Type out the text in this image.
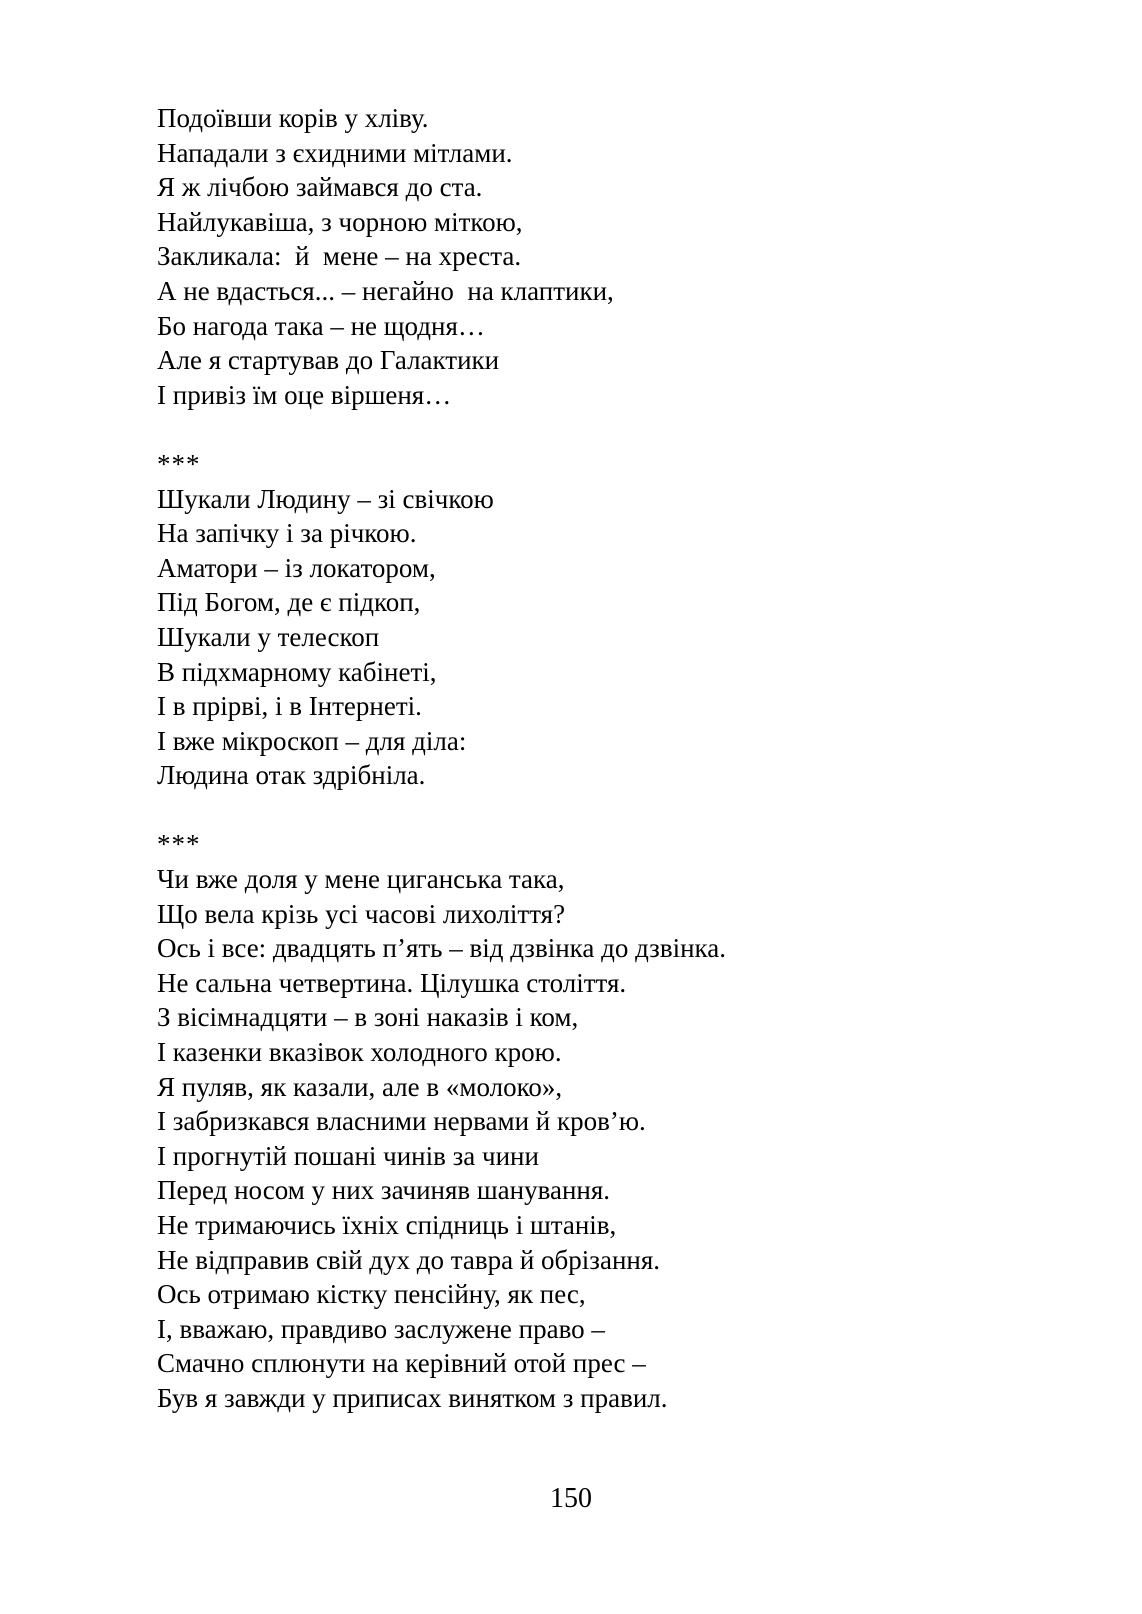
Подоївши корів у хліву.
Нападали з єхидними мітлами.
Я ж лічбою займався до ста.
Найлукавіша, з чорною міткою,
Закликала:  й  мене – на хреста.
А не вдасться... – негайно  на клаптики,
Бо нагода така – не щодня…
Але я стартував до Галактики
І привіз їм оце віршеня…
***
Шукали Людину – зі свічкою
На запічку і за річкою.
Аматори – із локатором,
Під Богом, де є підкоп,
Шукали у телескоп
В підхмарному кабінеті,
І в прірві, і в Інтернеті.
І вже мікроскоп – для діла:
Людина отак здрібніла.
***
Чи вже доля у мене циганська така,
Що вела крізь усі часові лихоліття?
Ось і все: двадцять п’ять – від дзвінка до дзвінка.
Не сальна четвертина. Цілушка століття.
З вісімнадцяти – в зоні наказів і ком,
І казенки вказівок холодного крою.
Я пуляв, як казали, але в «молоко»,
І забризкався власними нервами й кров’ю.
І прогнутій пошані чинів за чини
Перед носом у них зачиняв шанування.
Не тримаючись їхніх спідниць і штанів,
Не відправив свій дух до тавра й обрізання.
Ось отримаю кістку пенсійну, як пес,
І, вважаю, правдиво заслужене право –
Смачно сплюнути на керівний отой прес –
Був я завжди у приписах винятком з правил.
150
